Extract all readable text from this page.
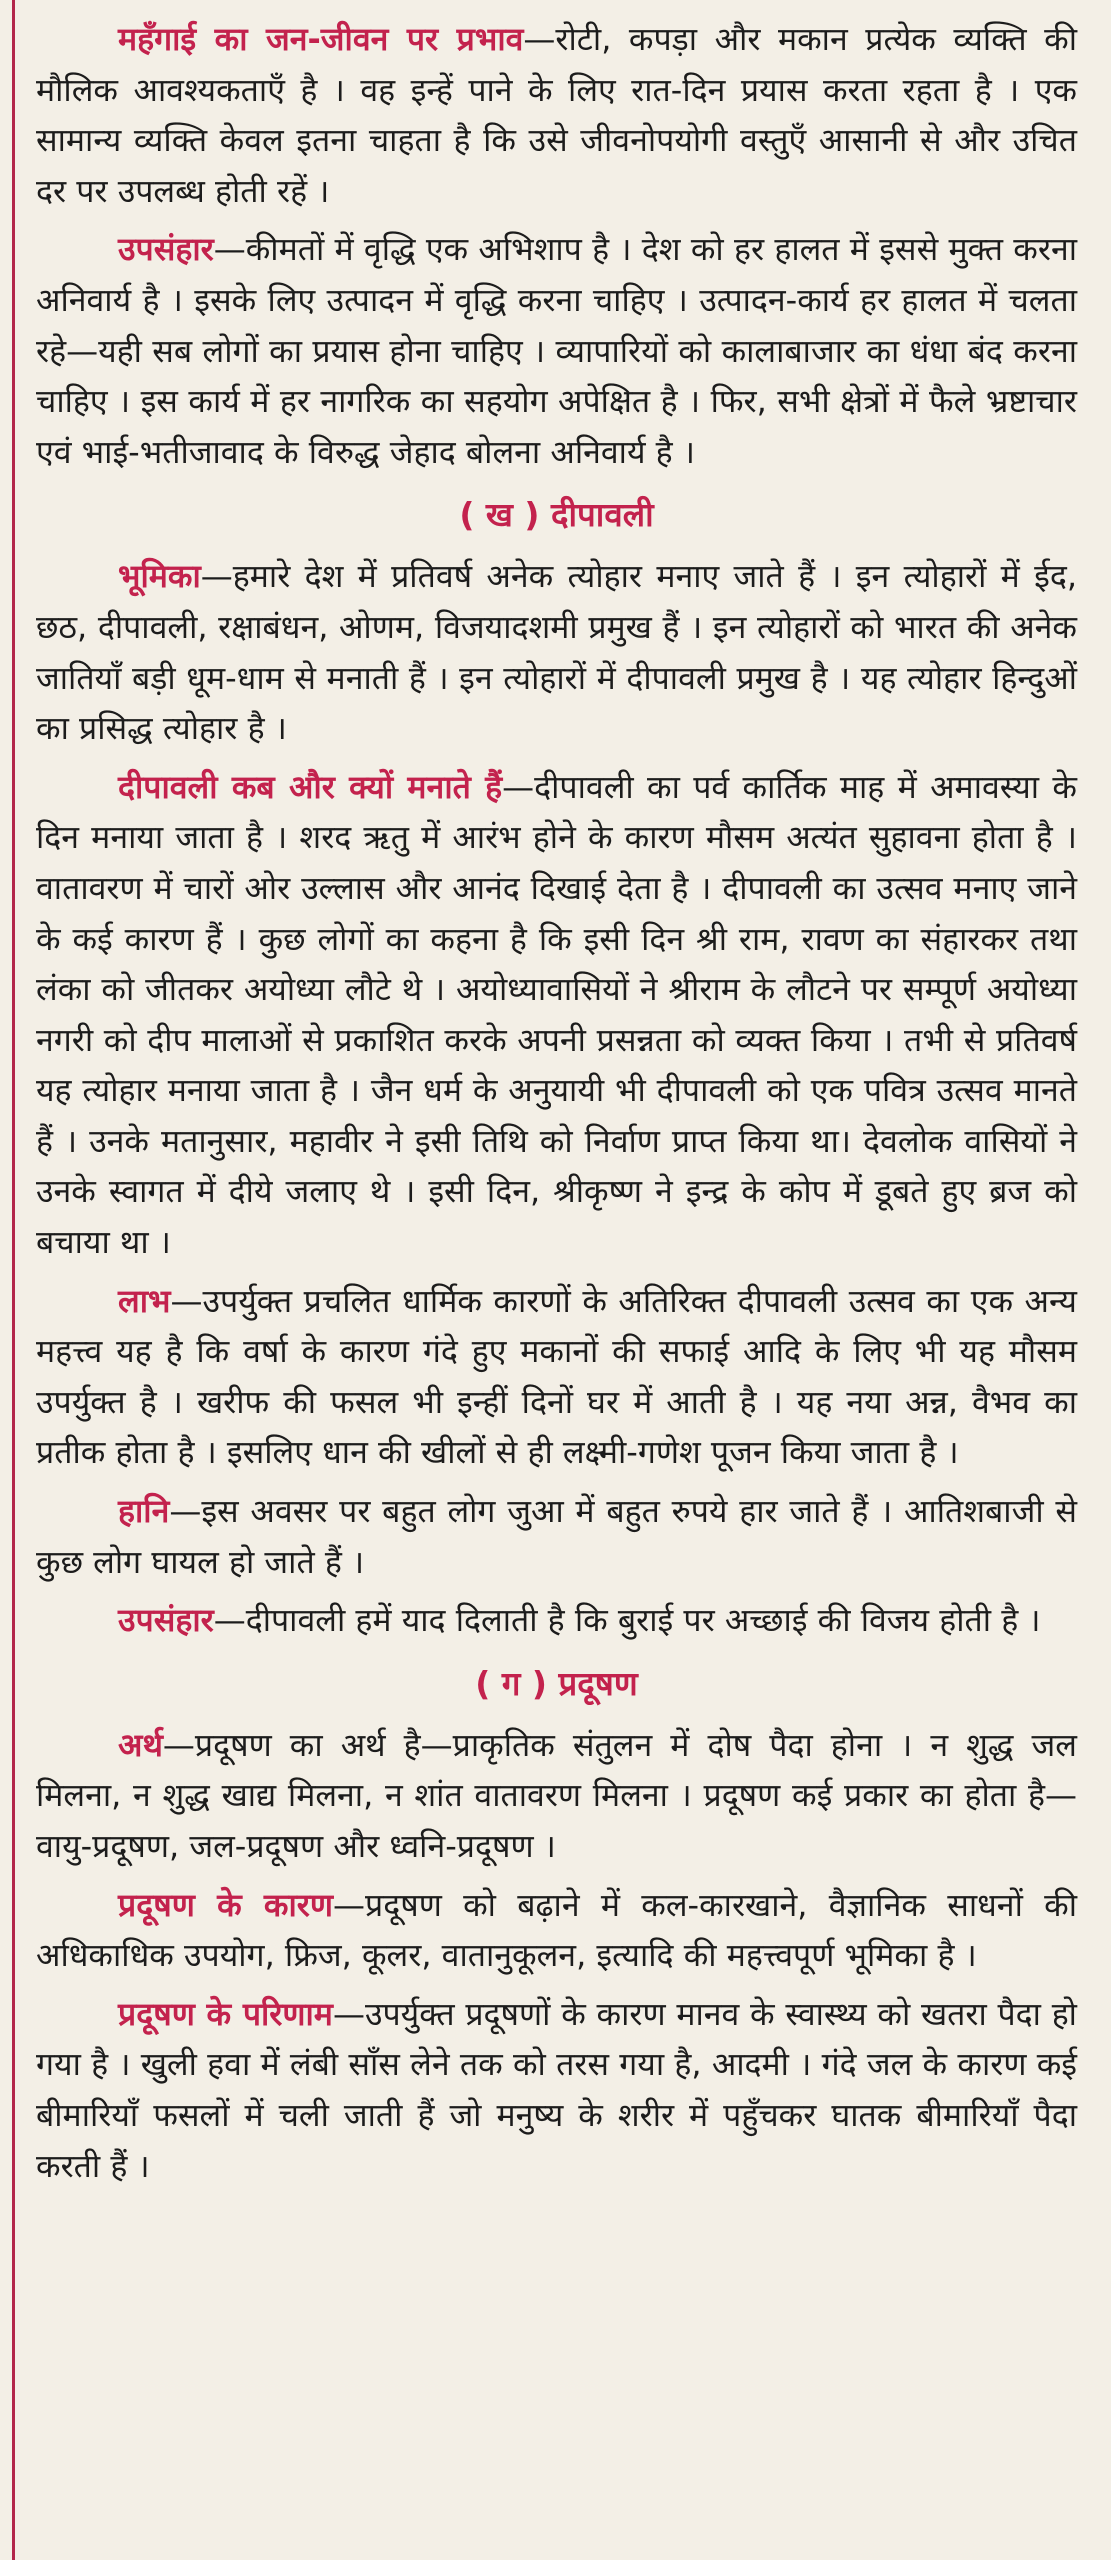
महँगाई का जन-जीवन पर प्रभाव—रोटी, कपड़ा और मकान प्रत्येक व्यक्ति की मौलिक आवश्यकताएँ है । वह इन्हें पाने के लिए रात-दिन प्रयास करता रहता है । एक सामान्य व्यक्ति केवल इतना चाहता है कि उसे जीवनोपयोगी वस्तुएँ आसानी से और उचित दर पर उपलब्ध होती रहें ।

उपसंहार—कीमतों में वृद्धि एक अभिशाप है । देश को हर हालत में इससे मुक्त करना अनिवार्य है । इसके लिए उत्पादन में वृद्धि करना चाहिए । उत्पादन-कार्य हर हालत में चलता रहे—यही सब लोगों का प्रयास होना चाहिए । व्यापारियों को कालाबाजार का धंधा बंद करना चाहिए । इस कार्य में हर नागरिक का सहयोग अपेक्षित है । फिर, सभी क्षेत्रों में फैले भ्रष्टाचार एवं भाई-भतीजावाद के विरुद्ध जेहाद बोलना अनिवार्य है ।

( ख ) दीपावली

भूमिका—हमारे देश में प्रतिवर्ष अनेक त्योहार मनाए जाते हैं । इन त्योहारों में ईद, छठ, दीपावली, रक्षाबंधन, ओणम, विजयादशमी प्रमुख हैं । इन त्योहारों को भारत की अनेक जातियाँ बड़ी धूम-धाम से मनाती हैं । इन त्योहारों में दीपावली प्रमुख है । यह त्योहार हिन्दुओं का प्रसिद्ध त्योहार है ।

दीपावली कब और क्यों मनाते हैं—दीपावली का पर्व कार्तिक माह में अमावस्या के दिन मनाया जाता है । शरद ऋतु में आरंभ होने के कारण मौसम अत्यंत सुहावना होता है । वातावरण में चारों ओर उल्लास और आनंद दिखाई देता है । दीपावली का उत्सव मनाए जाने के कई कारण हैं । कुछ लोगों का कहना है कि इसी दिन श्री राम, रावण का संहारकर तथा लंका को जीतकर अयोध्या लौटे थे । अयोध्यावासियों ने श्रीराम के लौटने पर सम्पूर्ण अयोध्या नगरी को दीप मालाओं से प्रकाशित करके अपनी प्रसन्नता को व्यक्त किया । तभी से प्रतिवर्ष यह त्योहार मनाया जाता है । जैन धर्म के अनुयायी भी दीपावली को एक पवित्र उत्सव मानते हैं । उनके मतानुसार, महावीर ने इसी तिथि को निर्वाण प्राप्त किया था। देवलोक वासियों ने उनके स्वागत में दीये जलाए थे । इसी दिन, श्रीकृष्ण ने इन्द्र के कोप में डूबते हुए ब्रज को बचाया था ।

लाभ—उपर्युक्त प्रचलित धार्मिक कारणों के अतिरिक्त दीपावली उत्सव का एक अन्य महत्त्व यह है कि वर्षा के कारण गंदे हुए मकानों की सफाई आदि के लिए भी यह मौसम उपर्युक्त है । खरीफ की फसल भी इन्हीं दिनों घर में आती है । यह नया अन्न, वैभव का प्रतीक होता है । इसलिए धान की खीलों से ही लक्ष्मी-गणेश पूजन किया जाता है ।

हानि—इस अवसर पर बहुत लोग जुआ में बहुत रुपये हार जाते हैं । आतिशबाजी से कुछ लोग घायल हो जाते हैं ।

उपसंहार—दीपावली हमें याद दिलाती है कि बुराई पर अच्छाई की विजय होती है ।

( ग ) प्रदूषण

अर्थ—प्रदूषण का अर्थ है—प्राकृतिक संतुलन में दोष पैदा होना । न शुद्ध जल मिलना, न शुद्ध खाद्य मिलना, न शांत वातावरण मिलना । प्रदूषण कई प्रकार का होता है—वायु-प्रदूषण, जल-प्रदूषण और ध्वनि-प्रदूषण ।

प्रदूषण के कारण—प्रदूषण को बढ़ाने में कल-कारखाने, वैज्ञानिक साधनों की अधिकाधिक उपयोग, फ्रिज, कूलर, वातानुकूलन, इत्यादि की महत्त्वपूर्ण भूमिका है ।

प्रदूषण के परिणाम—उपर्युक्त प्रदूषणों के कारण मानव के स्वास्थ्य को खतरा पैदा हो गया है । खुली हवा में लंबी साँस लेने तक को तरस गया है, आदमी । गंदे जल के कारण कई बीमारियाँ फसलों में चली जाती हैं जो मनुष्य के शरीर में पहुँचकर घातक बीमारियाँ पैदा करती हैं ।
